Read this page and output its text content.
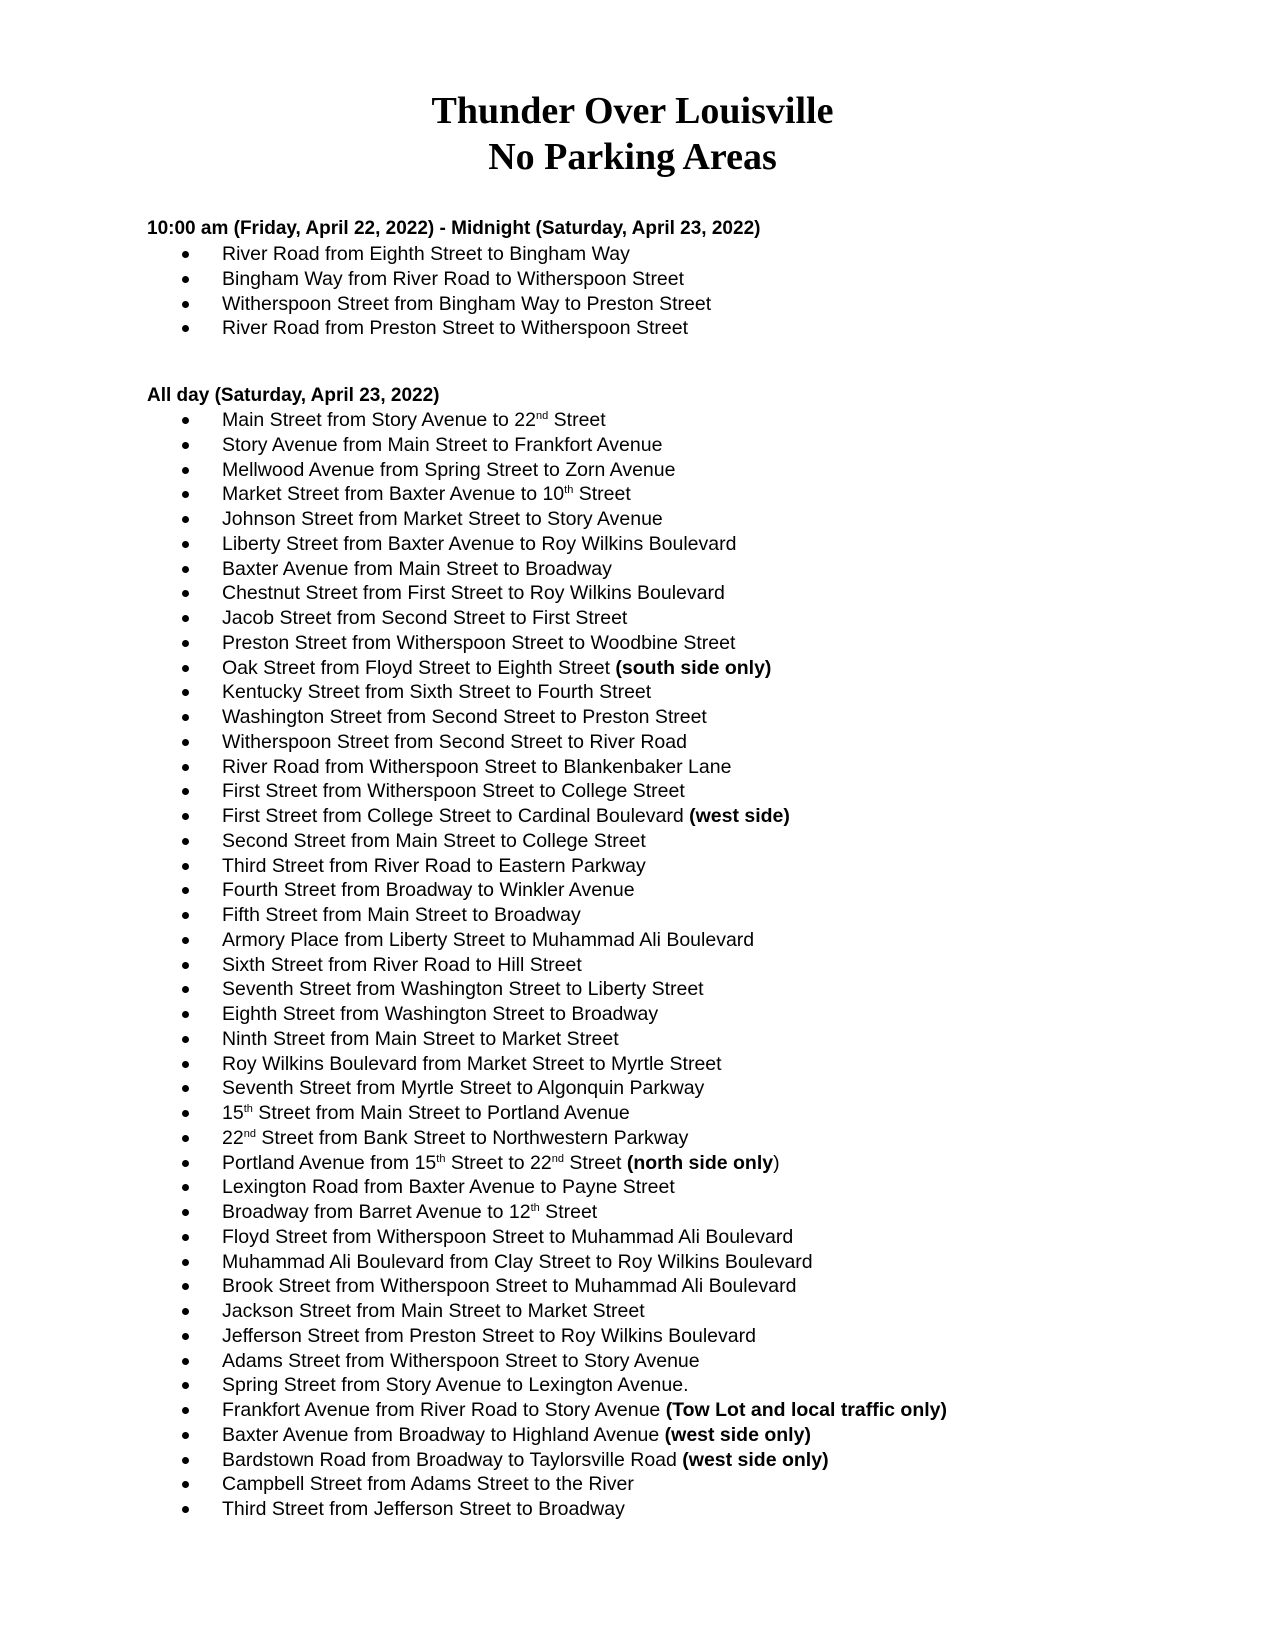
Thunder Over Louisville
No Parking Areas
10:00 am (Friday, April 22, 2022) - Midnight (Saturday, April 23, 2022)
River Road from Eighth Street to Bingham Way
Bingham Way from River Road to Witherspoon Street
Witherspoon Street from Bingham Way to Preston Street
River Road from Preston Street to Witherspoon Street
All day (Saturday, April 23, 2022)
Main Street from Story Avenue to 22nd Street
Story Avenue from Main Street to Frankfort Avenue
Mellwood Avenue from Spring Street to Zorn Avenue
Market Street from Baxter Avenue to 10th Street
Johnson Street from Market Street to Story Avenue
Liberty Street from Baxter Avenue to Roy Wilkins Boulevard
Baxter Avenue from Main Street to Broadway
Chestnut Street from First Street to Roy Wilkins Boulevard
Jacob Street from Second Street to First Street
Preston Street from Witherspoon Street to Woodbine Street
Oak Street from Floyd Street to Eighth Street (south side only)
Kentucky Street from Sixth Street to Fourth Street
Washington Street from Second Street to Preston Street
Witherspoon Street from Second Street to River Road
River Road from Witherspoon Street to Blankenbaker Lane
First Street from Witherspoon Street to College Street
First Street from College Street to Cardinal Boulevard (west side)
Second Street from Main Street to College Street
Third Street from River Road to Eastern Parkway
Fourth Street from Broadway to Winkler Avenue
Fifth Street from Main Street to Broadway
Armory Place from Liberty Street to Muhammad Ali Boulevard
Sixth Street from River Road to Hill Street
Seventh Street from Washington Street to Liberty Street
Eighth Street from Washington Street to Broadway
Ninth Street from Main Street to Market Street
Roy Wilkins Boulevard from Market Street to Myrtle Street
Seventh Street from Myrtle Street to Algonquin Parkway
15th Street from Main Street to Portland Avenue
22nd Street from Bank Street to Northwestern Parkway
Portland Avenue from 15th Street to 22nd Street (north side only)
Lexington Road from Baxter Avenue to Payne Street
Broadway from Barret Avenue to 12th Street
Floyd Street from Witherspoon Street to Muhammad Ali Boulevard
Muhammad Ali Boulevard from Clay Street to Roy Wilkins Boulevard
Brook Street from Witherspoon Street to Muhammad Ali Boulevard
Jackson Street from Main Street to Market Street
Jefferson Street from Preston Street to Roy Wilkins Boulevard
Adams Street from Witherspoon Street to Story Avenue
Spring Street from Story Avenue to Lexington Avenue.
Frankfort Avenue from River Road to Story Avenue (Tow Lot and local traffic only)
Baxter Avenue from Broadway to Highland Avenue (west side only)
Bardstown Road from Broadway to Taylorsville Road (west side only)
Campbell Street from Adams Street to the River
Third Street from Jefferson Street to Broadway
